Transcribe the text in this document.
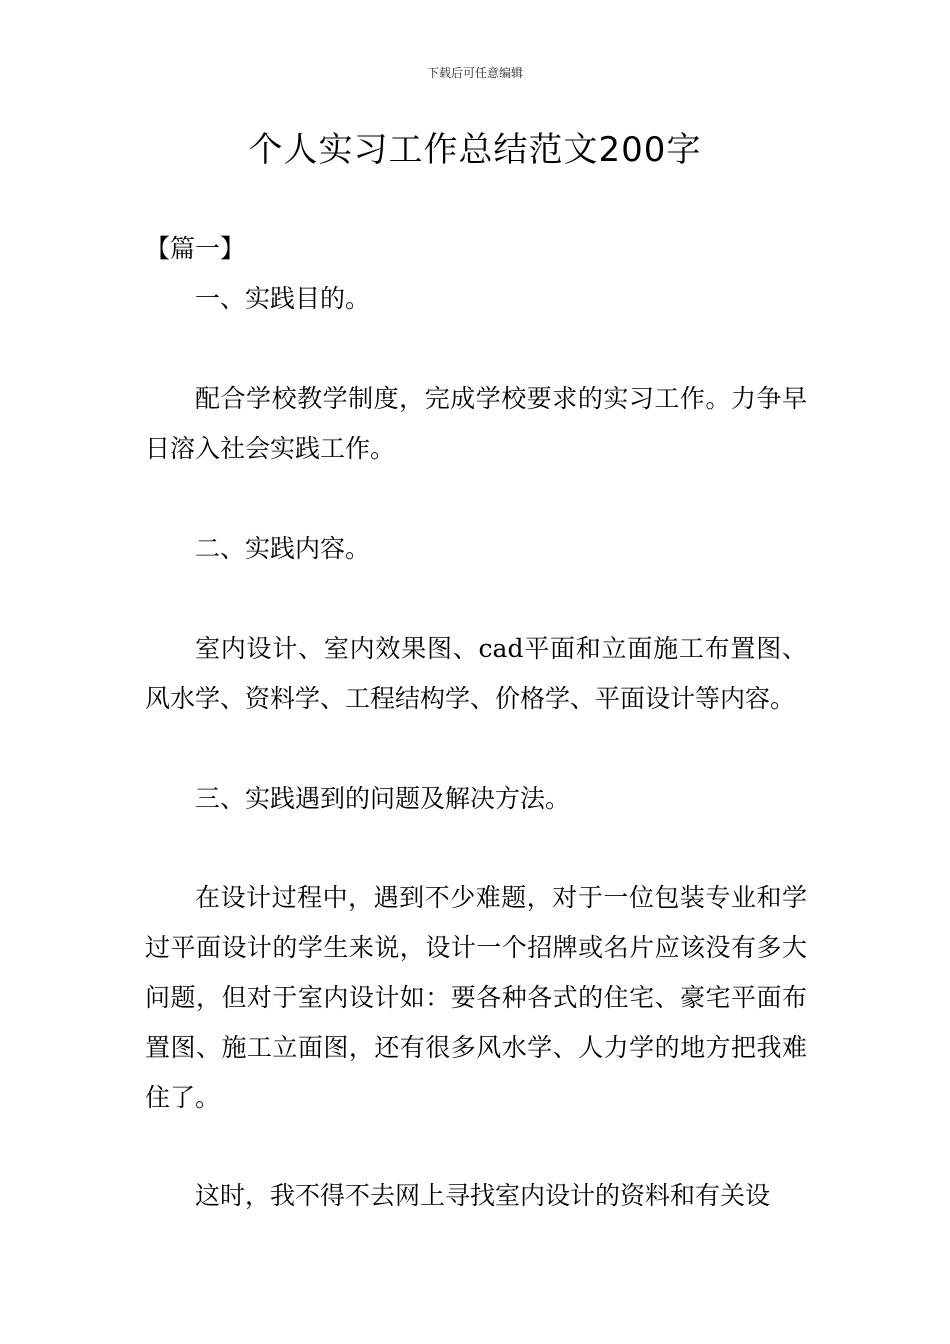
下载后可任意编辑
个人实习工作总结范文200字
【篇一】

一、实践目的。

配合学校教学制度，完成学校要求的实习工作。力争早日溶入社会实践工作。

二、实践内容。

室内设计、室内效果图、cad平面和立面施工布置图、风水学、资料学、工程结构学、价格学、平面设计等内容。

三、实践遇到的问题及解决方法。

在设计过程中，遇到不少难题，对于一位包装专业和学过平面设计的学生来说，设计一个招牌或名片应该没有多大问题，但对于室内设计如：要各种各式的住宅、豪宅平面布置图、施工立面图，还有很多风水学、人力学的地方把我难住了。

这时，我不得不去网上寻找室内设计的资料和有关设
